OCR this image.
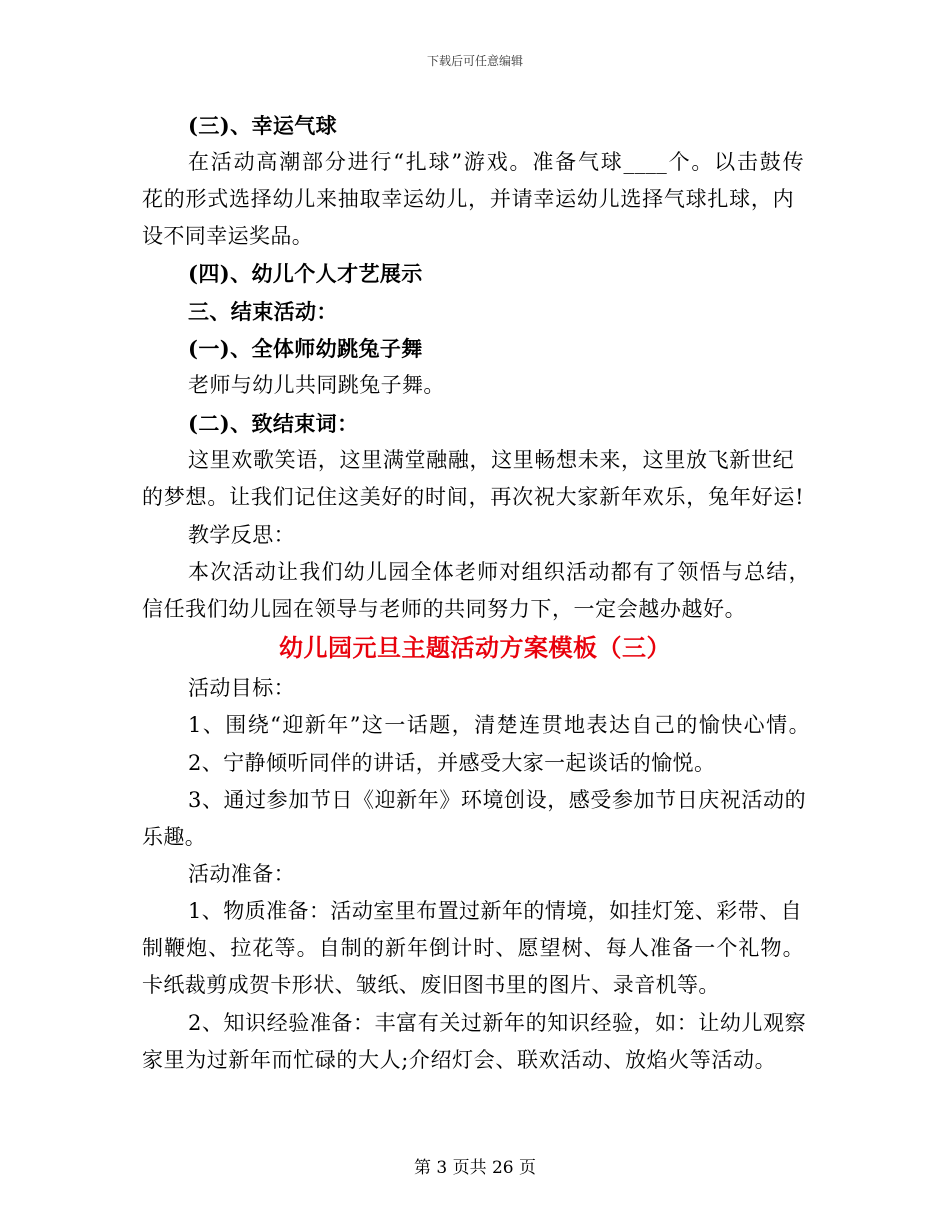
下载后可任意编辑
(三)、幸运气球
在活动高潮部分进行“扎球”游戏。准备气球____个。以击鼓传
花的形式选择幼儿来抽取幸运幼儿，并请幸运幼儿选择气球扎球，内
设不同幸运奖品。
(四)、幼儿个人才艺展示
三、结束活动：
(一)、全体师幼跳兔子舞
老师与幼儿共同跳兔子舞。
(二)、致结束词：
这里欢歌笑语，这里满堂融融，这里畅想未来，这里放飞新世纪
的梦想。让我们记住这美好的时间，再次祝大家新年欢乐，兔年好运!
教学反思：
本次活动让我们幼儿园全体老师对组织活动都有了领悟与总结，
信任我们幼儿园在领导与老师的共同努力下，一定会越办越好。
幼儿园元旦主题活动方案模板（三）
活动目标：
1、围绕“迎新年”这一话题，清楚连贯地表达自己的愉快心情。
2、宁静倾听同伴的讲话，并感受大家一起谈话的愉悦。
3、通过参加节日《迎新年》环境创设，感受参加节日庆祝活动的
乐趣。
活动准备：
1、物质准备：活动室里布置过新年的情境，如挂灯笼、彩带、自
制鞭炮、拉花等。自制的新年倒计时、愿望树、每人准备一个礼物。
卡纸裁剪成贺卡形状、皱纸、废旧图书里的图片、录音机等。
2、知识经验准备：丰富有关过新年的知识经验，如：让幼儿观察
家里为过新年而忙碌的大人;介绍灯会、联欢活动、放焰火等活动。
第 3 页共 26 页
